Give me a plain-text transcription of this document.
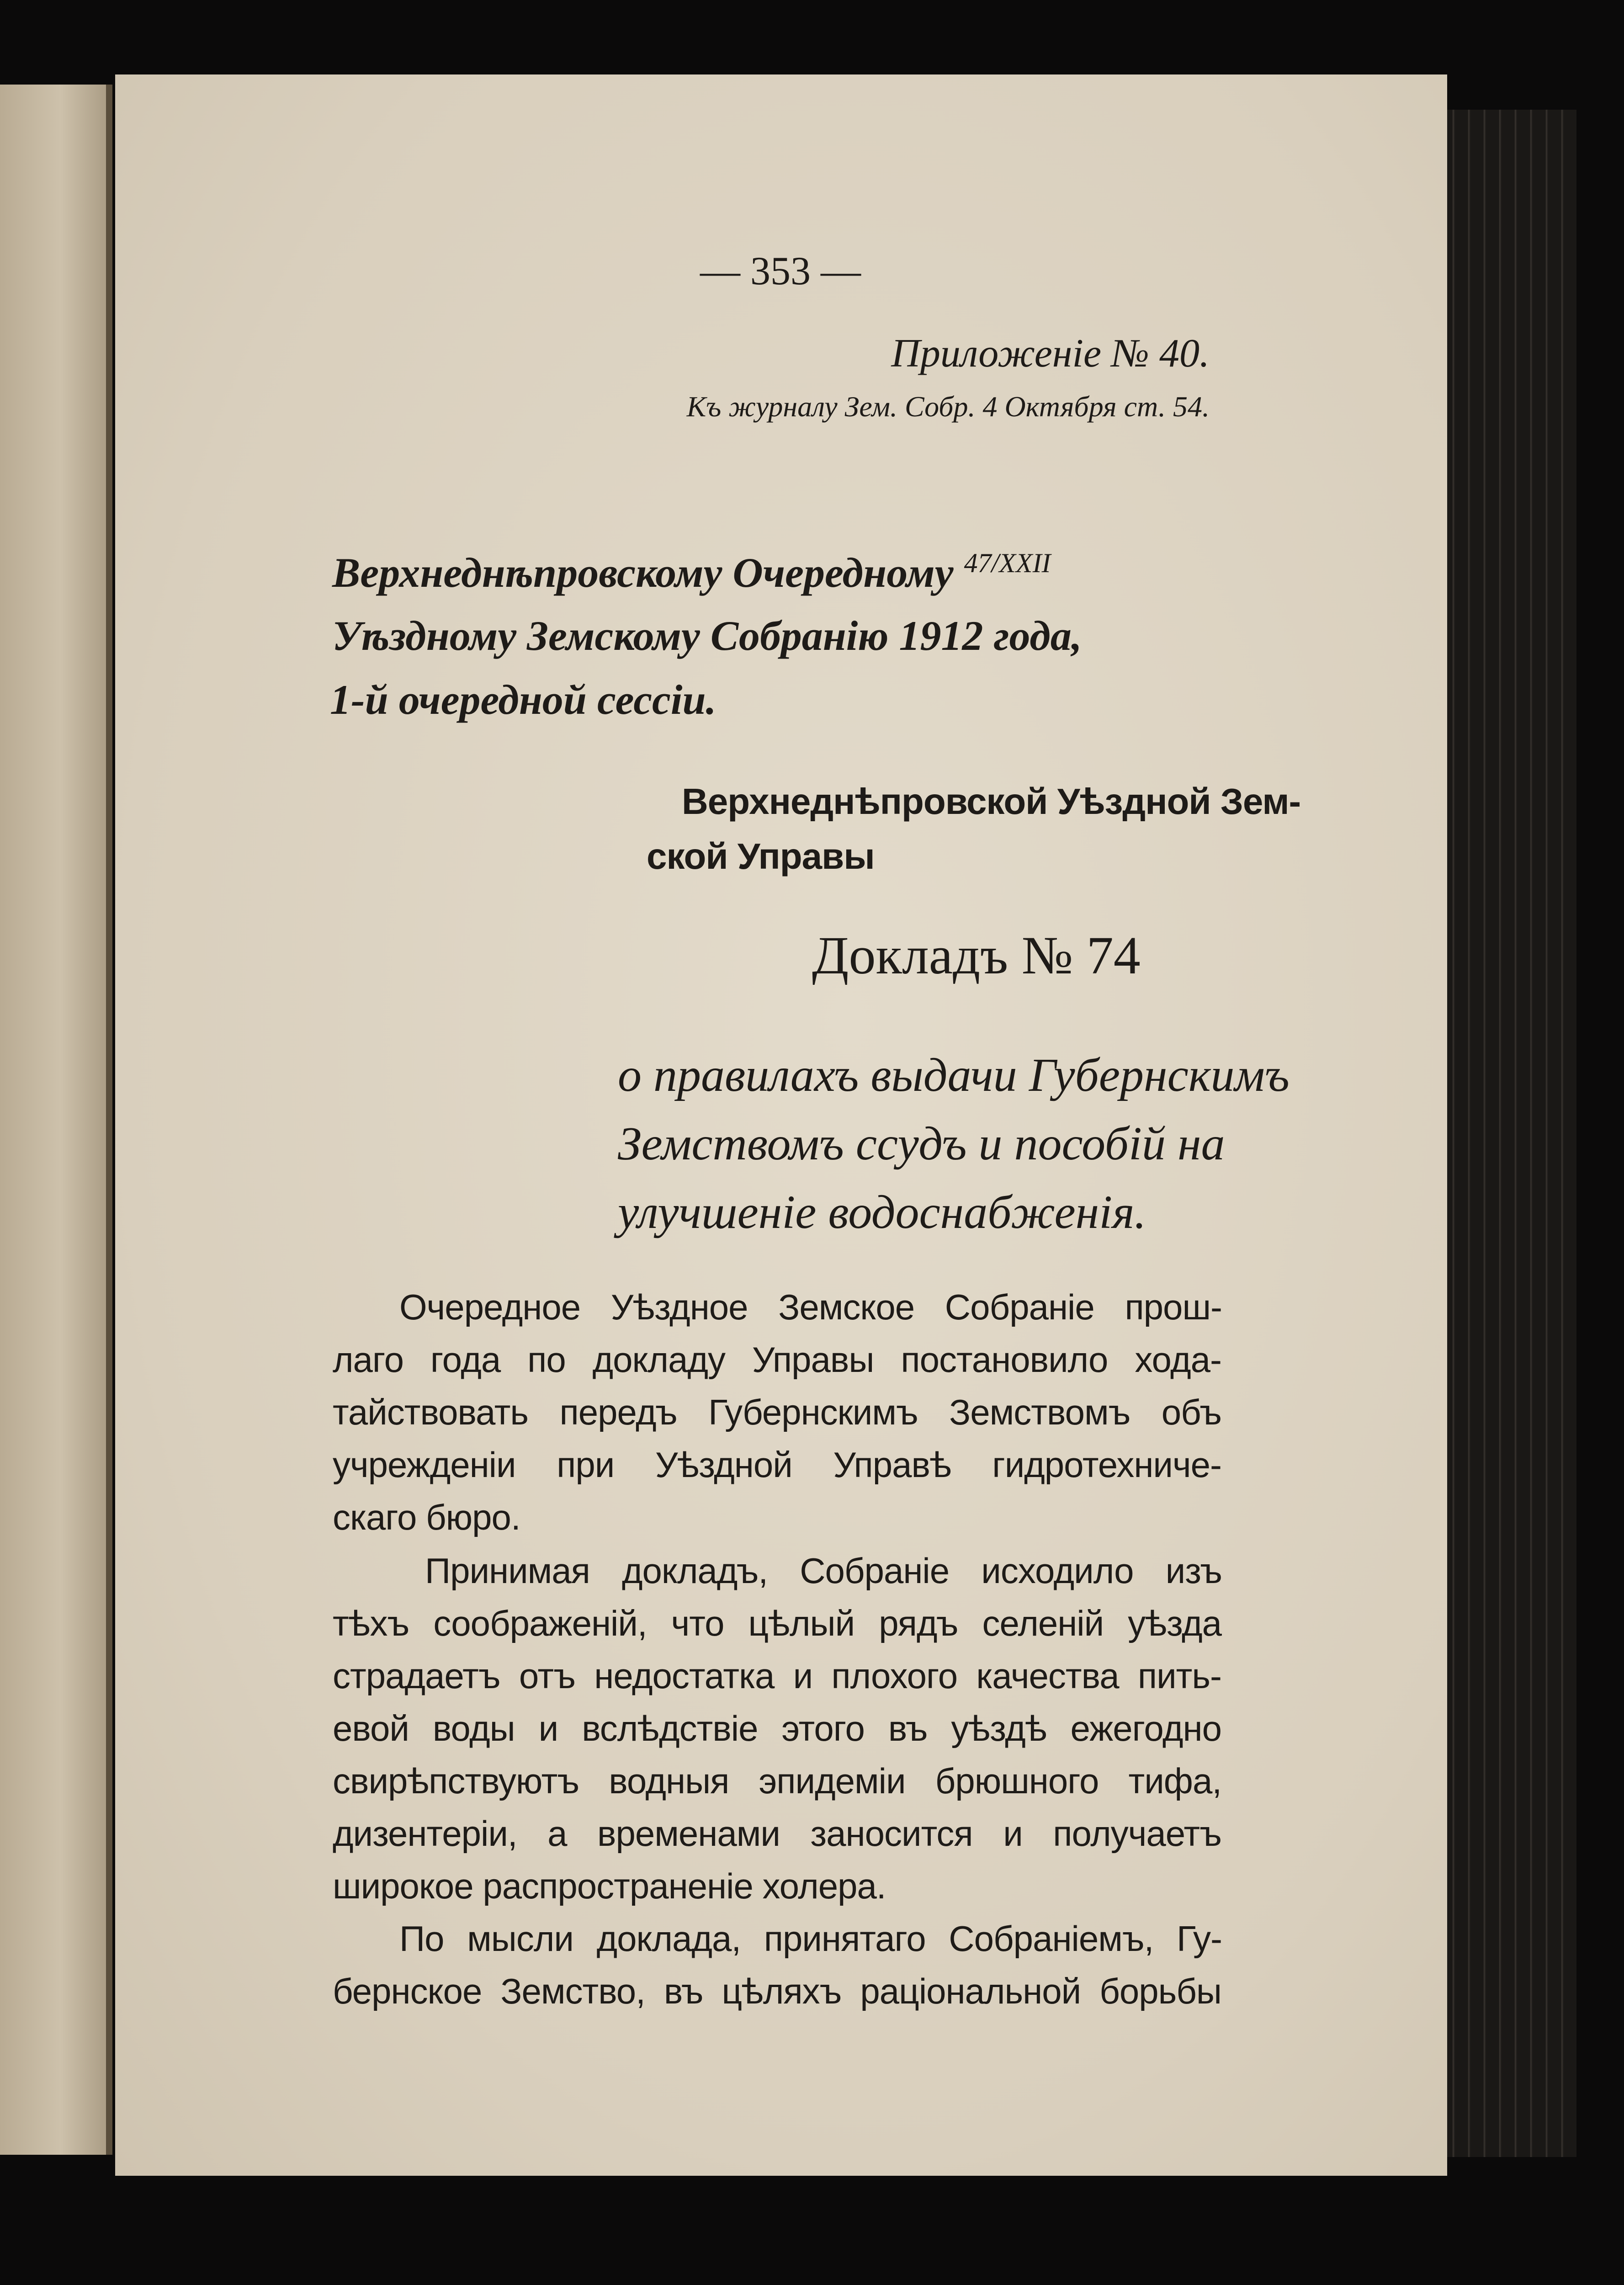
— 353 —
Приложеніе № 40.
Къ журналу Зем. Собр. 4 Октября ст. 54.
Верхнеднѣпровскому Очередному $^{47/XXII}$
Уѣздному Земскому Собранію 1912 года,
1-й очередной сессіи.
Верхнеднѣпровской Уѣздной Зем-
ской Управы
Докладъ № 74
о правилахъ выдачи Губернскимъ
Земствомъ ссудъ и пособій на
улучшеніе водоснабженія.
Очередное Уѣздное Земское Собраніе прош-
лаго года по докладу Управы постановило хода-
тайствовать передъ Губернскимъ Земствомъ объ
учрежденіи при Уѣздной Управѣ гидротехниче-
скаго бюро.
Принимая докладъ, Собраніе исходило изъ
тѣхъ соображеній, что цѣлый рядъ селеній уѣзда
страдаетъ отъ недостатка и плохого качества пить-
евой воды и вслѣдствіе этого въ уѣздѣ ежегодно
свирѣпствуютъ водныя эпидеміи брюшного тифа,
дизентеріи, а временами заносится и получаетъ
широкое распространеніе холера.
По мысли доклада, принятаго Собраніемъ, Гу-
бернское Земство, въ цѣляхъ раціональной борьбы
